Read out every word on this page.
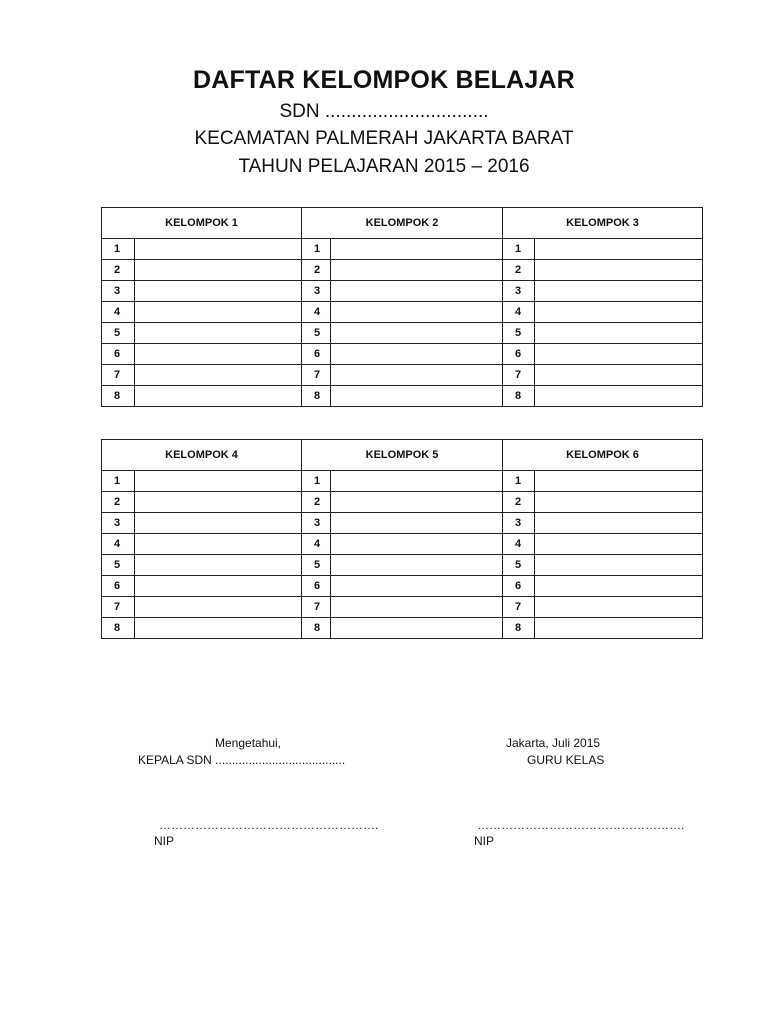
DAFTAR KELOMPOK BELAJAR
SDN ...............................
KECAMATAN PALMERAH JAKARTA BARAT
TAHUN PELAJARAN 2015 – 2016
KELOMPOK 1		KELOMPOK 2		KELOMPOK 3	
1		1		1	
2		2		2	
3		3		3	
4		4		4	
5		5		5	
6		6		6	
7		7		7	
8		8		8	
KELOMPOK 4		KELOMPOK 5		KELOMPOK 6	
1		1		1	
2		2		2	
3		3		3	
4		4		4	
5		5		5	
6		6		6	
7		7		7	
8		8		8	
Mengetahui,
KEPALA SDN .......................................
……………………………………………….
NIP
Jakarta, Juli 2015
GURU KELAS
…………………………………………….
NIP
